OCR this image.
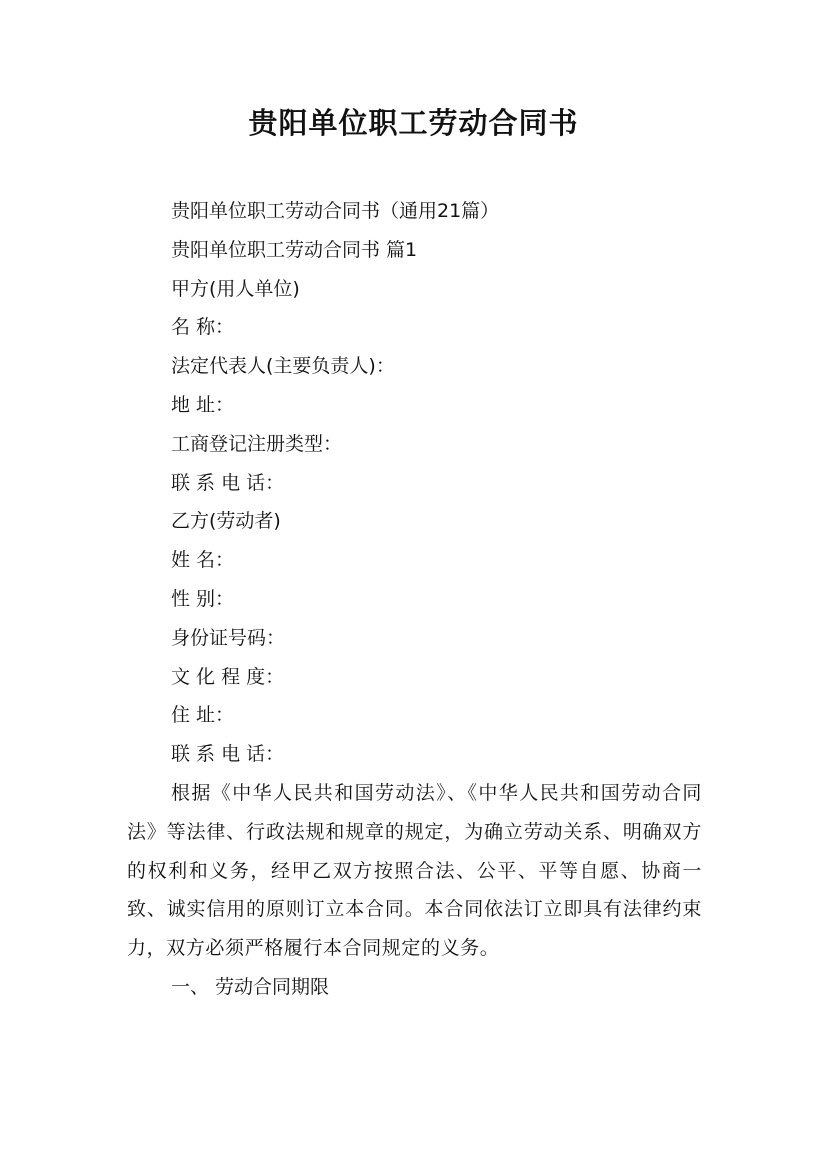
贵阳单位职工劳动合同书
贵阳单位职工劳动合同书（通用21篇）
贵阳单位职工劳动合同书 篇1
甲方(用人单位)
名 称：
法定代表人(主要负责人)：
地 址：
工商登记注册类型：
联 系 电 话：
乙方(劳动者)
姓 名：
性 别：
身份证号码：
文 化 程 度：
住 址：
联 系 电 话：
根据《中华人民共和国劳动法》、《中华人民共和国劳动合同法》等法律、行政法规和规章的规定，为确立劳动关系、明确双方的权利和义务，经甲乙双方按照合法、公平、平等自愿、协商一致、诚实信用的原则订立本合同。本合同依法订立即具有法律约束力，双方必须严格履行本合同规定的义务。
一、 劳动合同期限
